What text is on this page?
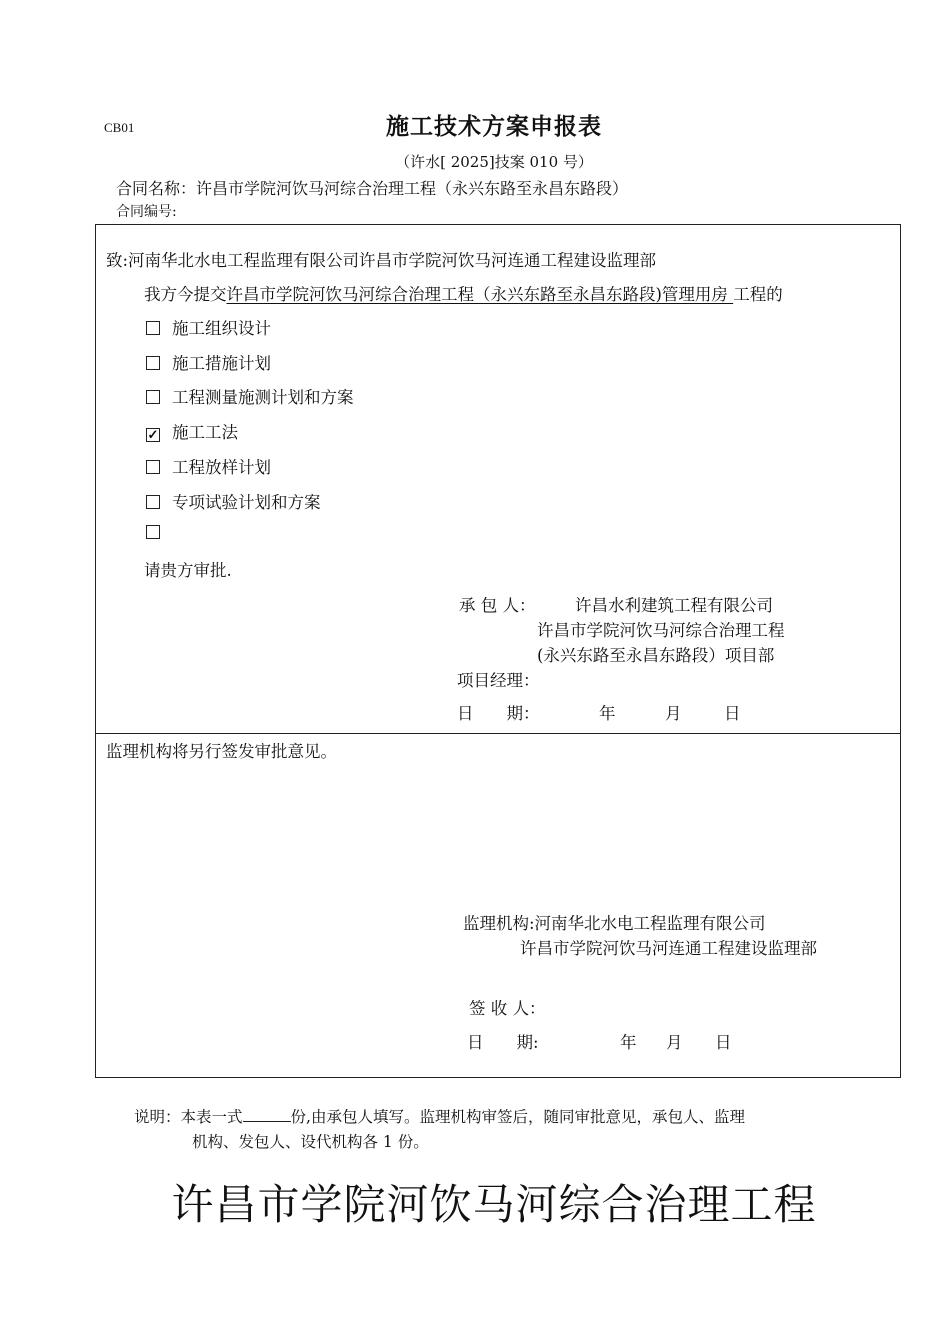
CB01	施工技术方案申报表
（许水[ 2025]技案 010 号）
合同名称：许昌市学院河饮马河综合治理工程（永兴东路至永昌东路段）
合同编号:
致:河南华北水电工程监理有限公司许昌市学院河饮马河连通工程建设监理部
我方今提交许昌市学院河饮马河综合治理工程（永兴东路至永昌东路段)管理用房 工程的
施工组织设计
施工措施计划
工程测量施测计划和方案
✓ 施工工法
工程放样计划
专项试验计划和方案
请贵方审批.
承 包 人： 许昌水利建筑工程有限公司
许昌市学院河饮马河综合治理工程
(永兴东路至永昌东路段）项目部
项目经理：
日　　期：	年	月	日
监理机构将另行签发审批意见。
监理机构:河南华北水电工程监理有限公司
许昌市学院河饮马河连通工程建设监理部
签 收 人：
日　　期:	年 月 日
说明：本表一式	份,由承包人填写。监理机构审签后，随同审批意见，承包人、监理
机构、发包人、设代机构各 1 份。
许昌市学院河饮马河综合治理工程
